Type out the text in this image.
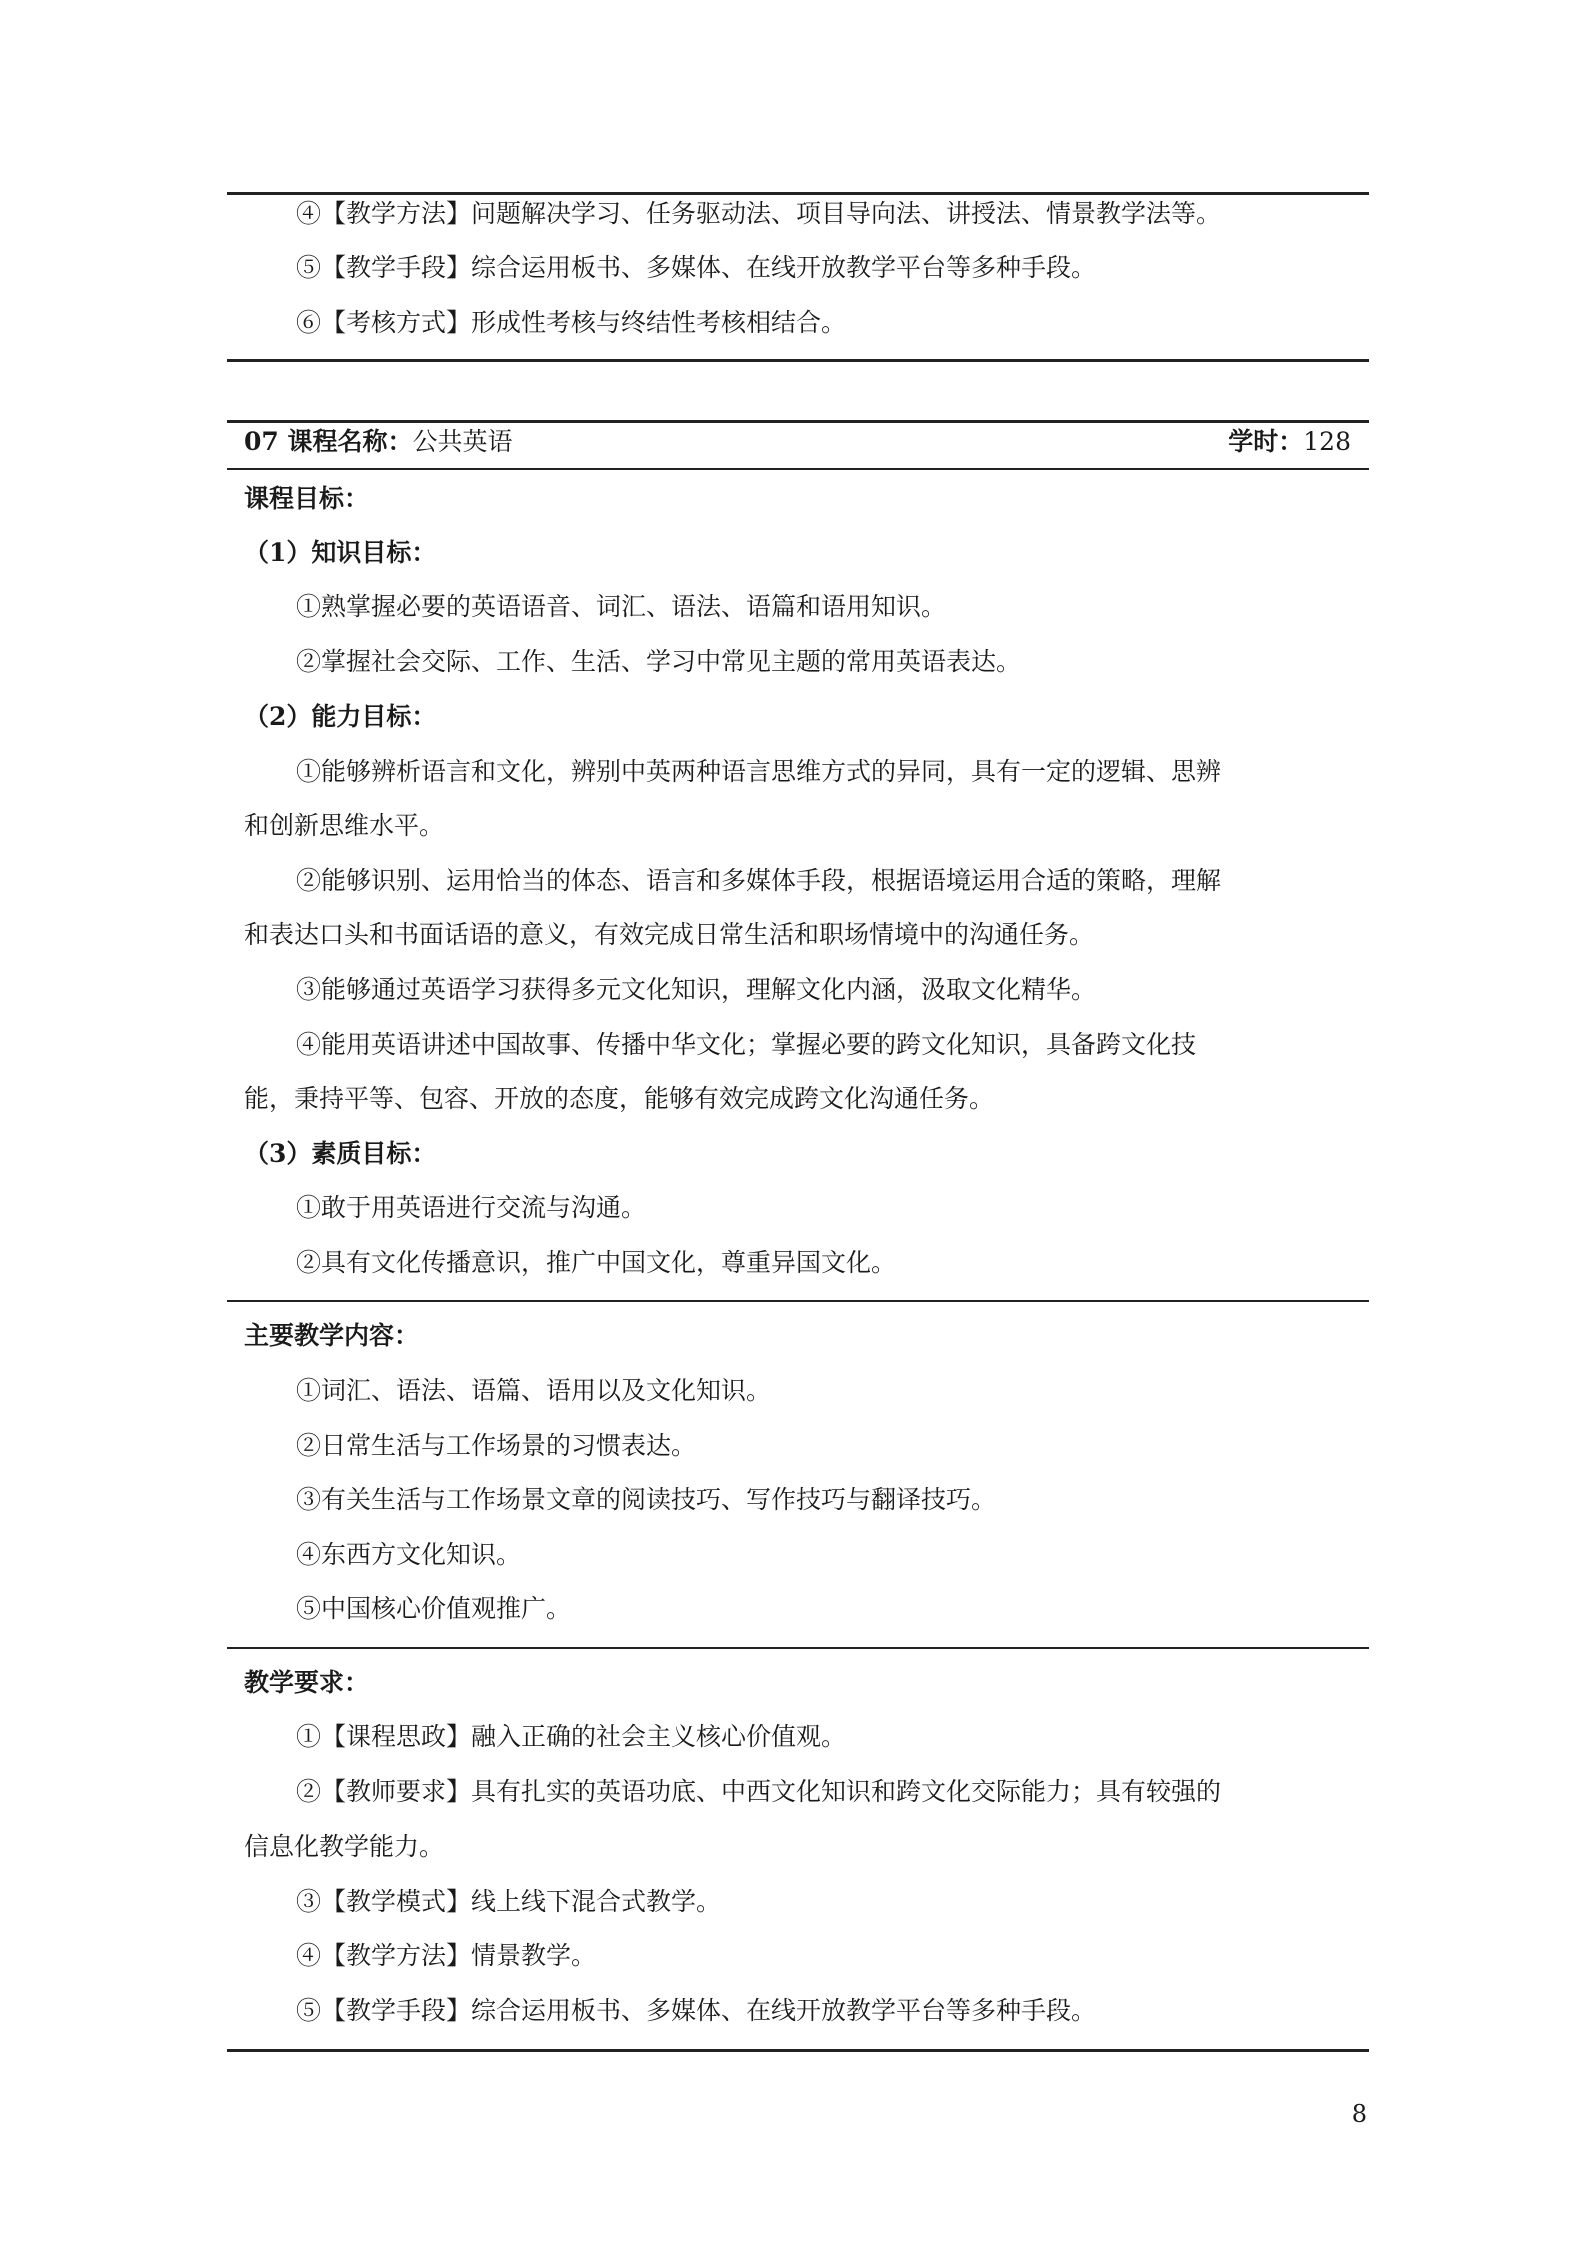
④【教学方法】问题解决学习、任务驱动法、项目导向法、讲授法、情景教学法等。
⑤【教学手段】综合运用板书、多媒体、在线开放教学平台等多种手段。
⑥【考核方式】形成性考核与终结性考核相结合。
07 课程名称：公共英语	学时：128
课程目标：
（1）知识目标：
①熟掌握必要的英语语音、词汇、语法、语篇和语用知识。
②掌握社会交际、工作、生活、学习中常见主题的常用英语表达。
（2）能力目标：
①能够辨析语言和文化，辨别中英两种语言思维方式的异同，具有一定的逻辑、思辨
和创新思维水平。
②能够识别、运用恰当的体态、语言和多媒体手段，根据语境运用合适的策略，理解
和表达口头和书面话语的意义，有效完成日常生活和职场情境中的沟通任务。
③能够通过英语学习获得多元文化知识，理解文化内涵，汲取文化精华。
④能用英语讲述中国故事、传播中华文化；掌握必要的跨文化知识，具备跨文化技
能，秉持平等、包容、开放的态度，能够有效完成跨文化沟通任务。
（3）素质目标：
①敢于用英语进行交流与沟通。
②具有文化传播意识，推广中国文化，尊重异国文化。
主要教学内容：
①词汇、语法、语篇、语用以及文化知识。
②日常生活与工作场景的习惯表达。
③有关生活与工作场景文章的阅读技巧、写作技巧与翻译技巧。
④东西方文化知识。
⑤中国核心价值观推广。
教学要求：
①【课程思政】融入正确的社会主义核心价值观。
②【教师要求】具有扎实的英语功底、中西文化知识和跨文化交际能力；具有较强的
信息化教学能力。
③【教学模式】线上线下混合式教学。
④【教学方法】情景教学。
⑤【教学手段】综合运用板书、多媒体、在线开放教学平台等多种手段。
8
